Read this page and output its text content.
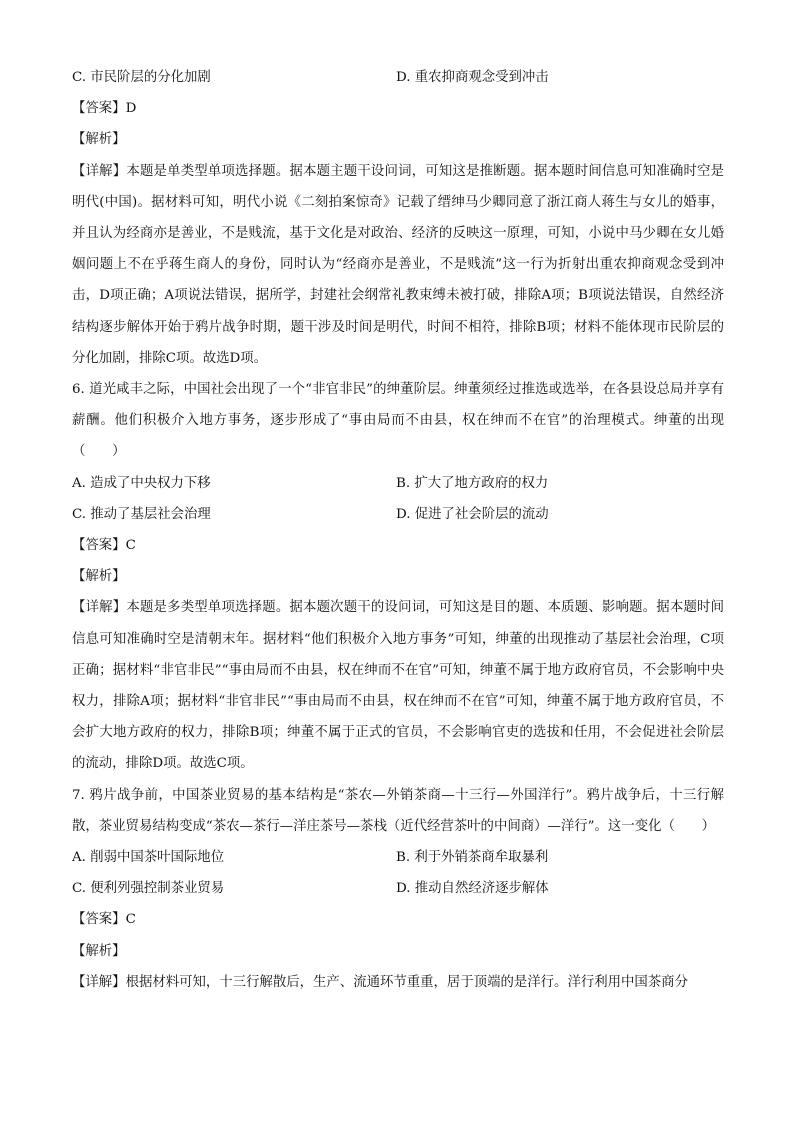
C. 市民阶层的分化加剧	D. 重农抑商观念受到冲击
【答案】D
【解析】
【详解】本题是单类型单项选择题。据本题主题干设问词，可知这是推断题。据本题时间信息可知准确时空是明代(中国)。据材料可知，明代小说《二刻拍案惊奇》记载了缙绅马少卿同意了浙江商人蒋生与女儿的婚事，并且认为经商亦是善业，不是贱流，基于文化是对政治、经济的反映这一原理，可知，小说中马少卿在女儿婚姻问题上不在乎蒋生商人的身份，同时认为“经商亦是善业，不是贱流”这一行为折射出重农抑商观念受到冲击，D项正确；A项说法错误，据所学，封建社会纲常礼教束缚未被打破，排除A项；B项说法错误，自然经济结构逐步解体开始于鸦片战争时期，题干涉及时间是明代，时间不相符，排除B项；材料不能体现市民阶层的分化加剧，排除C项。故选D项。
6. 道光咸丰之际，中国社会出现了一个“非官非民”的绅董阶层。绅董须经过推选或选举，在各县设总局并享有薪酬。他们积极介入地方事务，逐步形成了“事由局而不由县，权在绅而不在官”的治理模式。绅董的出现（　　）
A. 造成了中央权力下移	B. 扩大了地方政府的权力
C. 推动了基层社会治理	D. 促进了社会阶层的流动
【答案】C
【解析】
【详解】本题是多类型单项选择题。据本题次题干的设问词，可知这是目的题、本质题、影响题。据本题时间信息可知准确时空是清朝末年。据材料“他们积极介入地方事务”可知，绅董的出现推动了基层社会治理，C项正确；据材料“非官非民”“事由局而不由县，权在绅而不在官”可知，绅董不属于地方政府官员，不会影响中央权力，排除A项；据材料“非官非民”“事由局而不由县，权在绅而不在官”可知，绅董不属于地方政府官员，不会扩大地方政府的权力，排除B项；绅董不属于正式的官员，不会影响官吏的选拔和任用，不会促进社会阶层的流动，排除D项。故选C项。
7. 鸦片战争前，中国茶业贸易的基本结构是“茶农—外销茶商—十三行—外国洋行”。鸦片战争后，十三行解散，茶业贸易结构变成“茶农—茶行—洋庄茶号—茶栈（近代经营茶叶的中间商）—洋行”。这一变化（　　）
A. 削弱中国茶叶国际地位	B. 利于外销茶商牟取暴利
C. 便利列强控制茶业贸易	D. 推动自然经济逐步解体
【答案】C
【解析】
【详解】根据材料可知，十三行解散后，生产、流通环节重重，居于顶端的是洋行。洋行利用中国茶商分
